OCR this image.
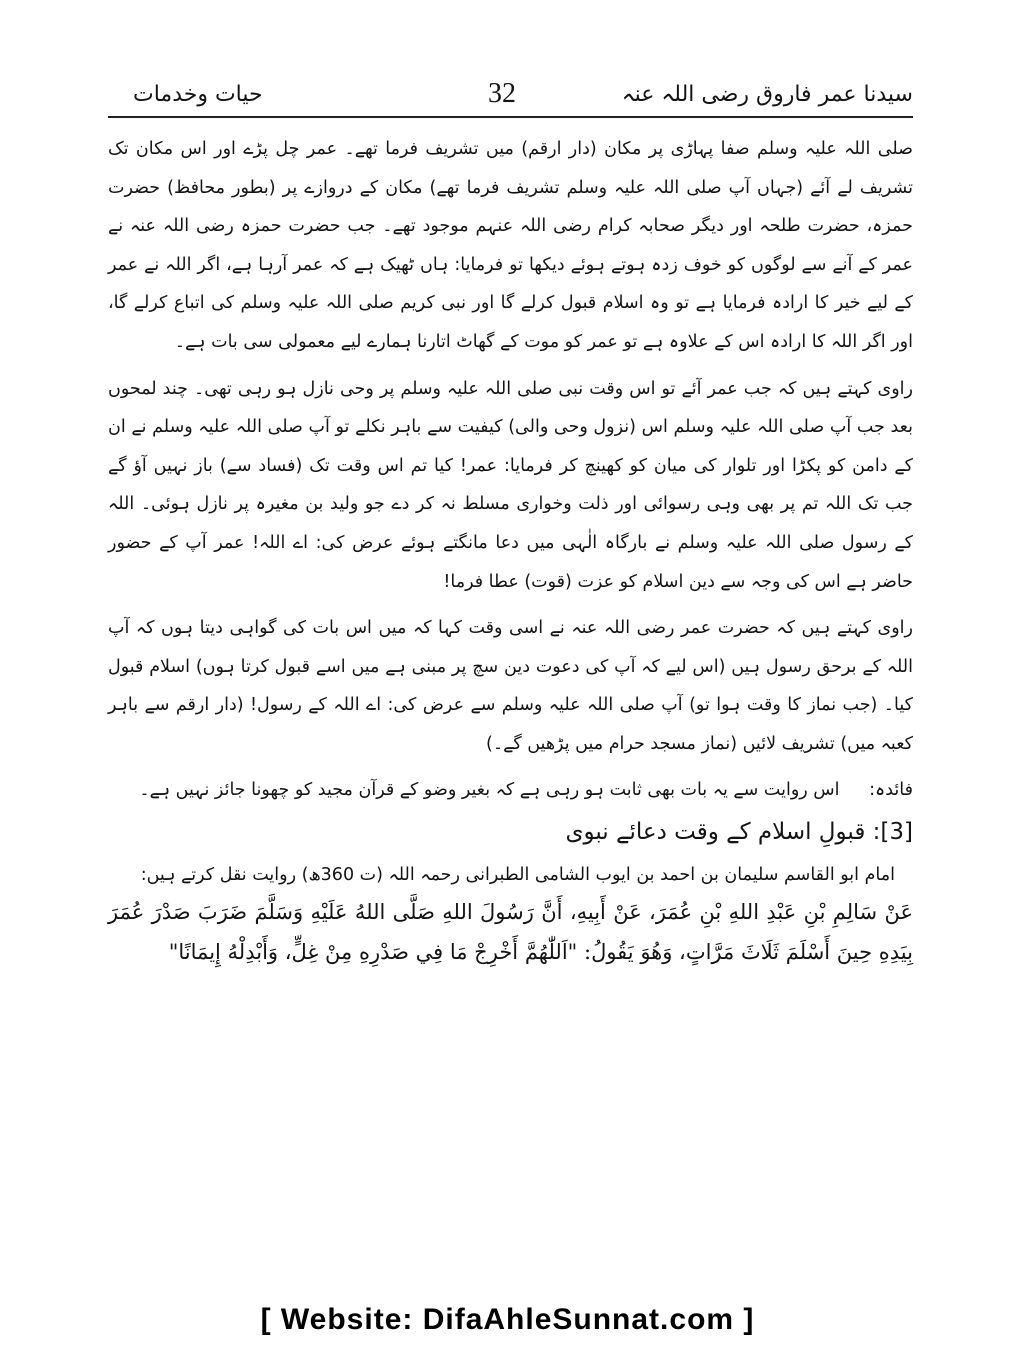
سیدنا عمر فاروق رضی اللہ عنہ
32
حیات وخدمات

صلی اللہ علیہ وسلم صفا پہاڑی پر مکان (دار ارقم) میں تشریف فرما تھے۔ عمر چل پڑے اور اس مکان تک تشریف لے آئے (جہاں آپ صلی اللہ علیہ وسلم تشریف فرما تھے) مکان کے دروازے پر (بطور محافظ) حضرت حمزہ، حضرت طلحہ اور دیگر صحابہ کرام رضی اللہ عنہم موجود تھے۔ جب حضرت حمزہ رضی اللہ عنہ نے عمر کے آنے سے لوگوں کو خوف زدہ ہوتے ہوئے دیکھا تو فرمایا: ہاں ٹھیک ہے کہ عمر آرہا ہے، اگر اللہ نے عمر کے لیے خیر کا ارادہ فرمایا ہے تو وہ اسلام قبول کرلے گا اور نبی کریم صلی اللہ علیہ وسلم کی اتباع کرلے گا، اور اگر اللہ کا ارادہ اس کے علاوہ ہے تو عمر کو موت کے گھاٹ اتارنا ہمارے لیے معمولی سی بات ہے۔

راوی کہتے ہیں کہ جب عمر آئے تو اس وقت نبی صلی اللہ علیہ وسلم پر وحی نازل ہو رہی تھی۔ چند لمحوں بعد جب آپ صلی اللہ علیہ وسلم اس (نزول وحی والی) کیفیت سے باہر نکلے تو آپ صلی اللہ علیہ وسلم نے ان کے دامن کو پکڑا اور تلوار کی میان کو کھینچ کر فرمایا: عمر! کیا تم اس وقت تک (فساد سے) باز نہیں آؤ گے جب تک اللہ تم پر بھی وہی رسوائی اور ذلت وخواری مسلط نہ کر دے جو ولید بن مغیرہ پر نازل ہوئی۔ اللہ کے رسول صلی اللہ علیہ وسلم نے بارگاہ الٰہی میں دعا مانگتے ہوئے عرض کی: اے اللہ! عمر آپ کے حضور حاضر ہے اس کی وجہ سے دین اسلام کو عزت (قوت) عطا فرما!

راوی کہتے ہیں کہ حضرت عمر رضی اللہ عنہ نے اسی وقت کہا کہ میں اس بات کی گواہی دیتا ہوں کہ آپ اللہ کے برحق رسول ہیں (اس لیے کہ آپ کی دعوت دین سچ پر مبنی ہے میں اسے قبول کرتا ہوں) اسلام قبول کیا۔ (جب نماز کا وقت ہوا تو) آپ صلی اللہ علیہ وسلم سے عرض کی: اے اللہ کے رسول! (دار ارقم سے باہر کعبہ میں) تشریف لائیں (نماز مسجد حرام میں پڑھیں گے۔)

فائدہ: اس روایت سے یہ بات بھی ثابت ہو رہی ہے کہ بغیر وضو کے قرآن مجید کو چھونا جائز نہیں ہے۔
[3]: قبولِ اسلام کے وقت دعائے نبوی

امام ابو القاسم سلیمان بن احمد بن ایوب الشامی الطبرانی رحمہ اللہ (ت 360ھ) روایت نقل کرتے ہیں:

عَنْ سَالِمِ بْنِ عَبْدِ اللهِ بْنِ عُمَرَ، عَنْ أَبِيهِ، أَنَّ رَسُولَ اللهِ صَلَّى اللهُ عَلَيْهِ وَسَلَّمَ ضَرَبَ صَدْرَ عُمَرَ بِيَدِهِ حِينَ أَسْلَمَ ثَلَاثَ مَرَّاتٍ، وَهُوَ يَقُولُ: "اَللّٰهُمَّ أَخْرِجْ مَا فِي صَدْرِهِ مِنْ غِلٍّ، وَأَبْدِلْهُ إِيمَانًا"

[ Website: DifaAhleSunnat.com ]
